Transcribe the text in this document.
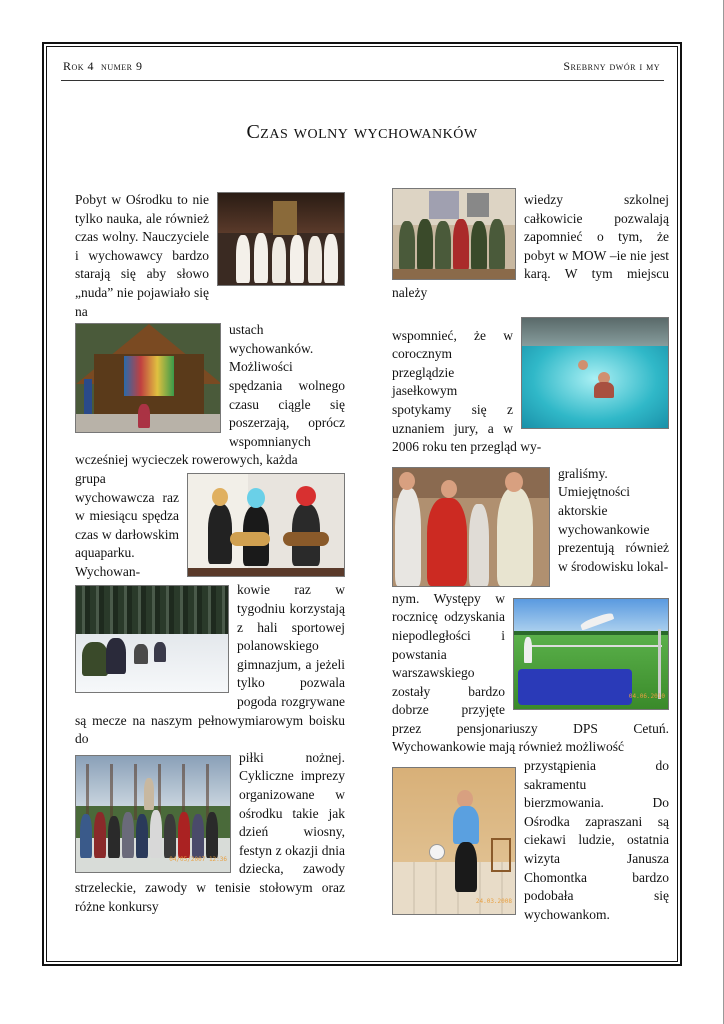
Rok 4  numer 9	Srebrny dwór i my
Czas wolny wychowanków

Pobyt w Ośrodku to nie tylko nauka, ale również czas wolny. Nauczyciele i wychowawcy bardzo starają się aby słowo „nuda” nie pojawiało się na

ustach wychowanków. Możliwości spędzania wolnego czasu ciągle się poszerzają, oprócz wspomnianych wcześniej wycieczek rowerowych, każda

grupa wychowawcza raz w miesiącu spędza czas w darłowskim aquaparku. Wychowan-

kowie raz w tygodniu korzystają z hali sportowej polanowskiego gimnazjum, a jeżeli tylko pozwala pogoda rozgrywane są mecze na naszym pełnowymiarowym boisku do

04/05/2007 12:36

piłki nożnej. Cykliczne imprezy organizowane w ośrodku takie jak dzień wiosny, festyn z okazji dnia dziecka, zawody strzeleckie, zawody w tenisie stołowym oraz różne konkursy

wiedzy szkolnej całkowicie pozwalają zapomnieć o tym, że pobyt w MOW –ie nie jest karą. W tym miejscu należy

wspomnieć, że w corocznym przeglądzie jasełkowym spotykamy się z uznaniem jury, a w 2006 roku ten przegląd wy-

graliśmy. Umiejętności aktorskie wychowankowie prezentują również w środowisku lokal-

04.06.2010

nym. Występy w rocznicę odzyskania niepodległości i powstania warszawskiego zostały bardzo dobrze przyjęte przez pensjonariuszy DPS Cetuń. Wychowankowie mają również możliwość

24.03.2008

przystąpienia do sakramentu bierzmowania. Do Ośrodka zapraszani są ciekawi ludzie, ostatnia wizyta Janusza Chomontka bardzo podobała się wychowankom.
